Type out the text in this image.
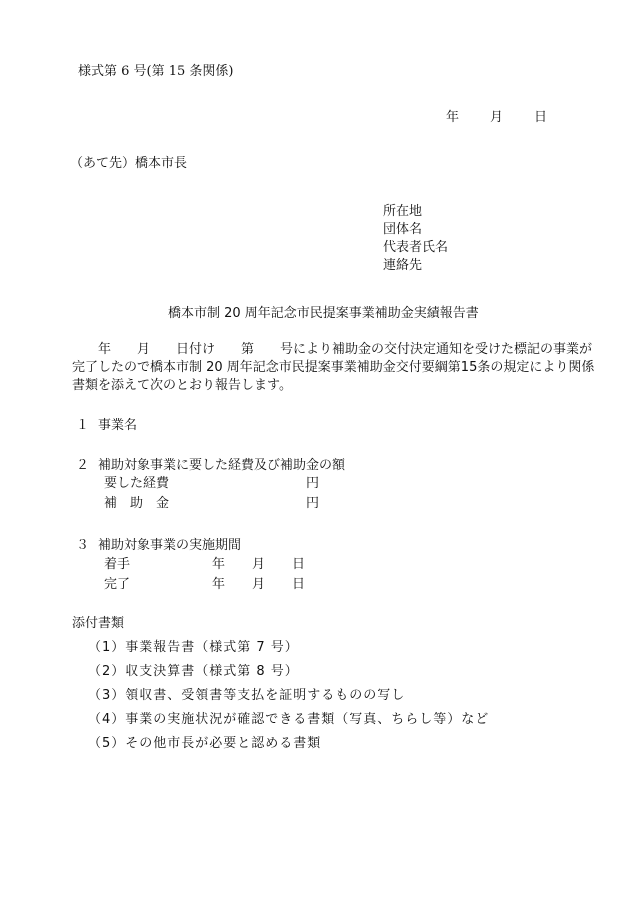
様式第 6 号(第 15 条関係)
年 月 日
（あて先）橋本市長
所在地
団体名
代表者氏名
連絡先
橋本市制 20 周年記念市民提案事業補助金実績報告書
　　年　　月　　日付け　　第　　号により補助金の交付決定通知を受けた標記の事業が
完了したので橋本市制 20 周年記念市民提案事業補助金交付要綱第15条の規定により関係
書類を添えて次のとおり報告します。
１ 事業名
２ 補助対象事業に要した経費及び補助金の額
要した経費	円
補　助　金	円
３ 補助対象事業の実施期間
着手	年 月 日
完了	年 月 日
添付書類
（1）事業報告書（様式第 7 号）
（2）収支決算書（様式第 8 号）
（3）領収書、受領書等支払を証明するものの写し
（4）事業の実施状況が確認できる書類（写真、ちらし等）など
（5）その他市長が必要と認める書類
